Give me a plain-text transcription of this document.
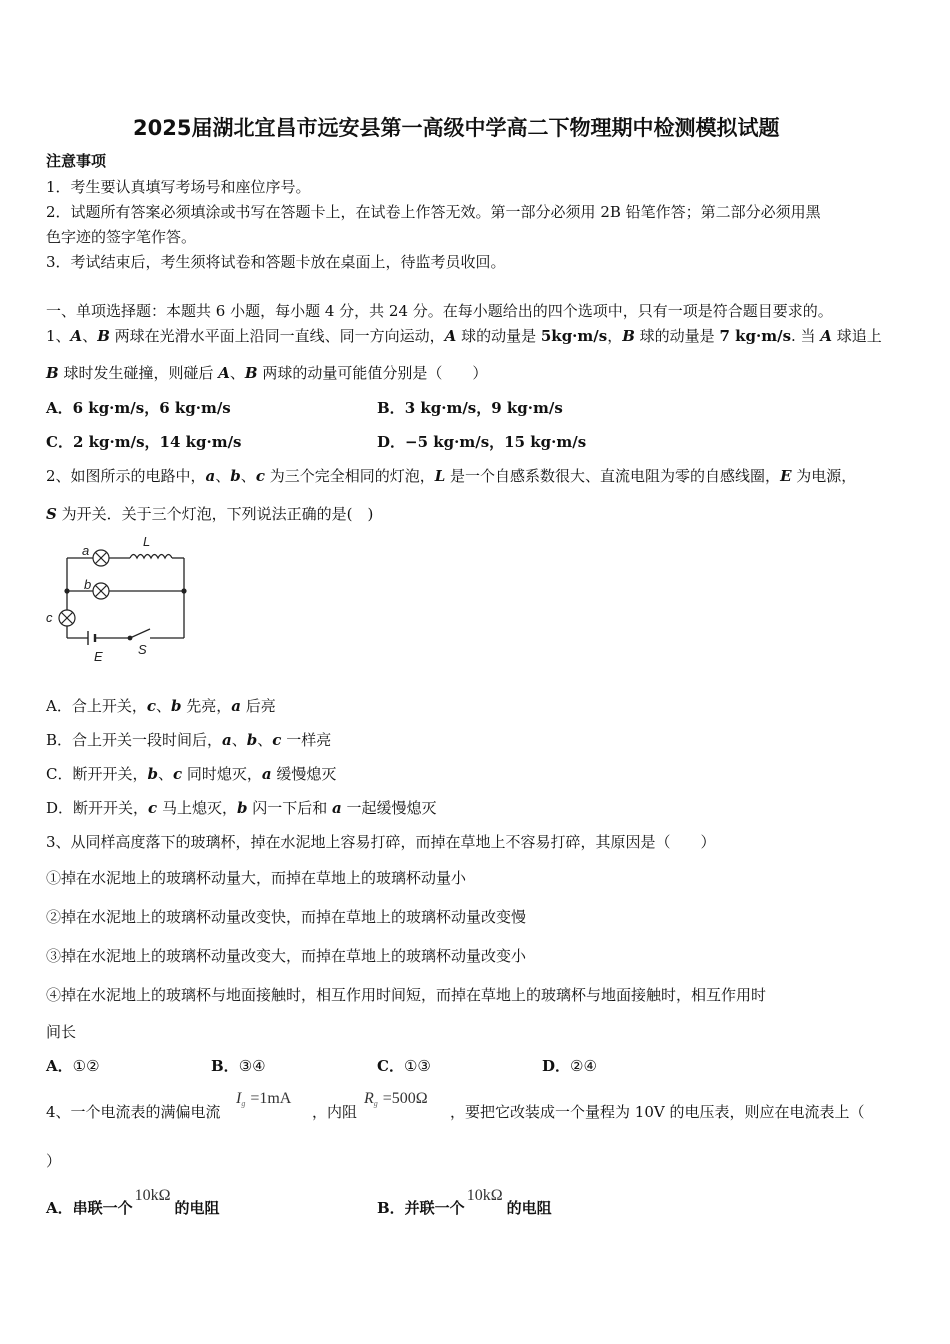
2025届湖北宜昌市远安县第一高级中学高二下物理期中检测模拟试题
注意事项
1．考生要认真填写考场号和座位序号。
2．试题所有答案必须填涂或书写在答题卡上，在试卷上作答无效。第一部分必须用 2B 铅笔作答；第二部分必须用黑
色字迹的签字笔作答。
3．考试结束后，考生须将试卷和答题卡放在桌面上，待监考员收回。
一、单项选择题：本题共 6 小题，每小题 4 分，共 24 分。在每小题给出的四个选项中，只有一项是符合题目要求的。
1、A、B 两球在光滑水平面上沿同一直线、同一方向运动，A 球的动量是 5kg·m/s，B 球的动量是 7 kg·m/s. 当 A 球追上
B 球时发生碰撞，则碰后 A、B 两球的动量可能值分别是（　　）
A．6 kg·m/s，6 kg·m/s	B．3 kg·m/s，9 kg·m/s
C．2 kg·m/s，14 kg·m/s	D．−5 kg·m/s，15 kg·m/s
2、如图所示的电路中，a、b、c 为三个完全相同的灯泡，L 是一个自感系数很大、直流电阻为零的自感线圈，E 为电源，
S 为开关．关于三个灯泡，下列说法正确的是(　)
a
L
b
c
E	S
A．合上开关，c、b 先亮，a 后亮
B．合上开关一段时间后，a、b、c 一样亮
C．断开开关，b、c 同时熄灭，a 缓慢熄灭
D．断开开关，c 马上熄灭，b 闪一下后和 a 一起缓慢熄灭
3、从同样高度落下的玻璃杯，掉在水泥地上容易打碎，而掉在草地上不容易打碎，其原因是（　　）
①掉在水泥地上的玻璃杯动量大，而掉在草地上的玻璃杯动量小
②掉在水泥地上的玻璃杯动量改变快，而掉在草地上的玻璃杯动量改变慢
③掉在水泥地上的玻璃杯动量改变大，而掉在草地上的玻璃杯动量改变小
④掉在水泥地上的玻璃杯与地面接触时，相互作用时间短，而掉在草地上的玻璃杯与地面接触时，相互作用时
间长
A．①②	B．③④	C．①③	D．②④
4、一个电流表的满偏电流
$I_g =1mA$
，内阻
$R_g =500\Omega$
，要把它改装成一个量程为 10V 的电压表，则应在电流表上（
）
A．串联一个10kΩ的电阻	B．并联一个10kΩ的电阻
